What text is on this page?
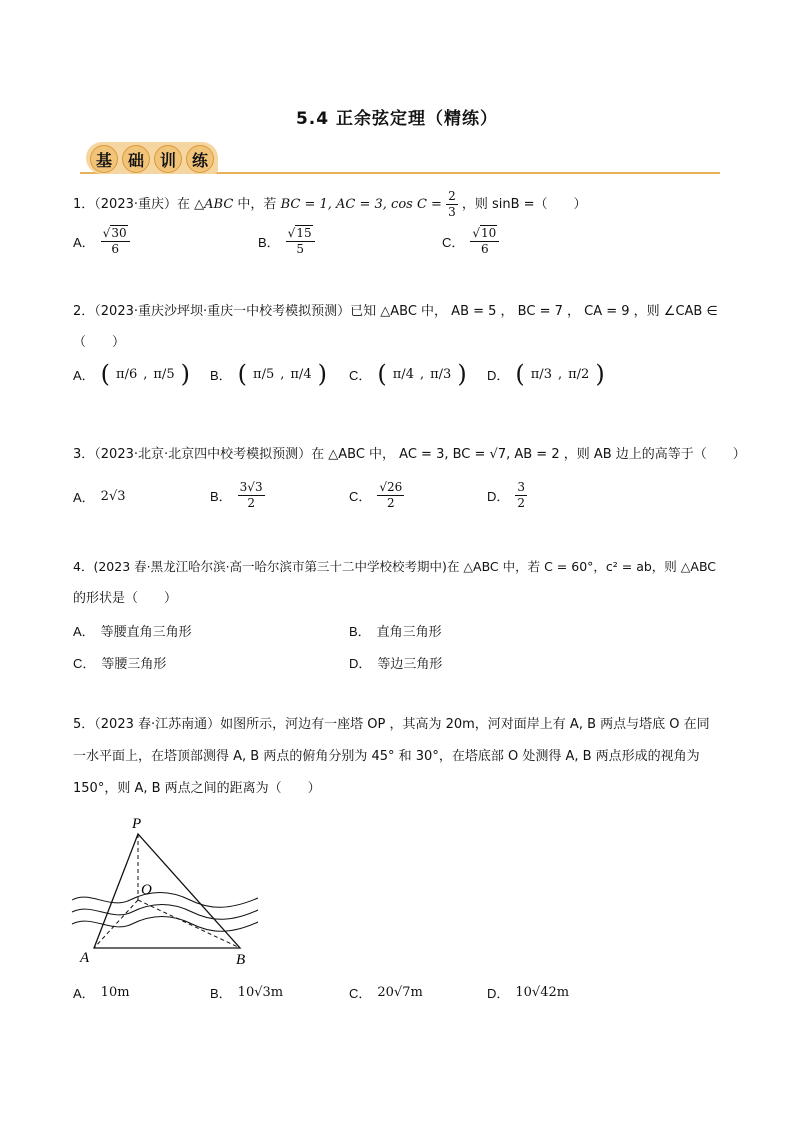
5.4 正余弦定理（精练）
基 础 训 练
1．（2023·重庆）在 △ABC 中，若 BC = 1, AC = 3, $\cos C = \frac{2}{3}$ ，则 sinB =（　　）
A． $\frac{√30}{6}$	B． $\frac{√15}{5}$	C． $\frac{√10}{6}$
2．（2023·重庆沙坪坝·重庆一中校考模拟预测）已知 △ABC 中， AB = 5 ， BC = 7 ， CA = 9 ，则 ∠CAB ∈
（　　）
A． ( π/6 , π/5 ) B． ( π/5 , π/4 ) C． ( π/4 , π/3 ) D． ( π/3 , π/2 )
3．（2023·北京·北京四中校考模拟预测）在 △ABC 中， AC = 3, BC = √7, AB = 2 ，则 AB 边上的高等于（　　）
A． 2√3	B． $\frac{3√3}{2}$	C． $\frac{√26}{2}$	D． $\frac{3}{2}$
4．(2023 春·黑龙江哈尔滨·高一哈尔滨市第三十二中学校校考期中)在 △ABC 中，若 C = 60°，c² = ab，则 △ABC
的形状是（　　）
A． 等腰直角三角形	B． 直角三角形
C． 等腰三角形	D． 等边三角形
5．（2023 春·江苏南通）如图所示，河边有一座塔 OP ，其高为 20m，河对面岸上有 A, B 两点与塔底 O 在同
一水平面上，在塔顶部测得 A, B 两点的俯角分别为 45° 和 30°，在塔底部 O 处测得 A, B 两点形成的视角为
150°，则 A, B 两点之间的距离为（　　）
P
O
A	B
A． 10m	B． 10√3m	C． 20√7m	D． 10√42m
